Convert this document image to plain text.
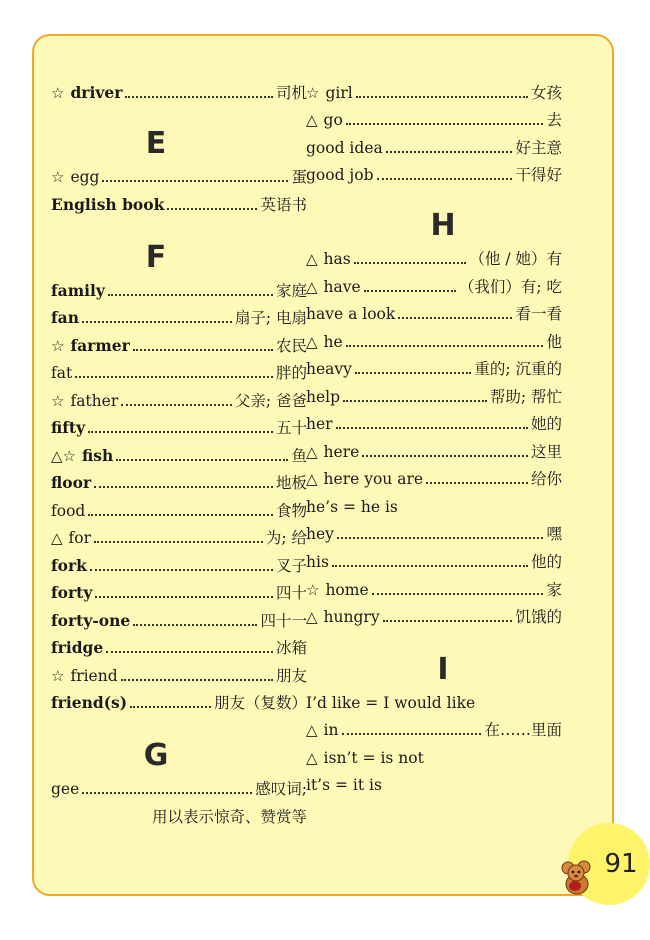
☆ driver	司机
E
☆ egg	蛋
English book	英语书
F
family	家庭
fan	扇子; 电扇
☆ farmer	农民
fat	胖的
☆ father	父亲; 爸爸
fifty	五十
△☆ fish	鱼
floor	地板
food	食物
△ for	为; 给
fork	叉子
forty	四十
forty-one	四十一
fridge	冰箱
☆ friend	朋友
friend(s)	朋友（复数）
G
gee	感叹词;
用以表示惊奇、赞赏等
☆ girl	女孩
△ go	去
good idea	好主意
good job	干得好
H
△ has	（他 / 她）有
△ have	（我们）有; 吃
have a look	看一看
△ he	他
heavy	重的; 沉重的
help	帮助; 帮忙
her	她的
△ here	这里
△ here you are	给你
he’s = he is
hey	嘿
his	他的
☆ home	家
△ hungry	饥饿的
I
I’d like = I would like
△ in	在……里面
△ isn’t = is not
it’s = it is
91
